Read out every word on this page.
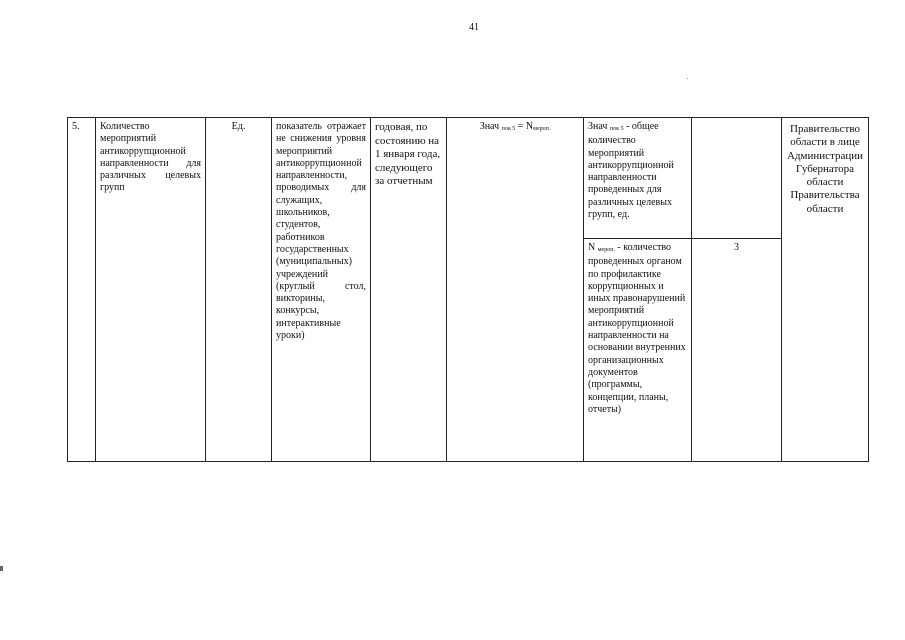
41
5.	Количество мероприятий антикоррупционной направленности для различных целевых групп	Ед.	показатель отражает не снижения уровня мероприятий антикоррупционной направленности, проводимых для служащих, школьников, студентов, работников государственных (муниципальных) учреждений (круглый стол, викторины, конкурсы, интерактивные уроки)	годовая, по состоянию на 1 января года, следующего за отчетным	Знач $_{пок 5} = N_{мероп.}$	Знач $_{пок 5}$ - общее количество мероприятий антикоррупционной направленности проведенных для различных целевых групп, ед.		Правительство области в лице Администрации Губернатора области Правительства области
						N $_{мероп.}$ - количество проведенных органом по профилактике коррупционных и иных правонарушений мероприятий антикоррупционной направленности на основании внутренних организационных документов (программы, концепции, планы, отчеты)	3	
